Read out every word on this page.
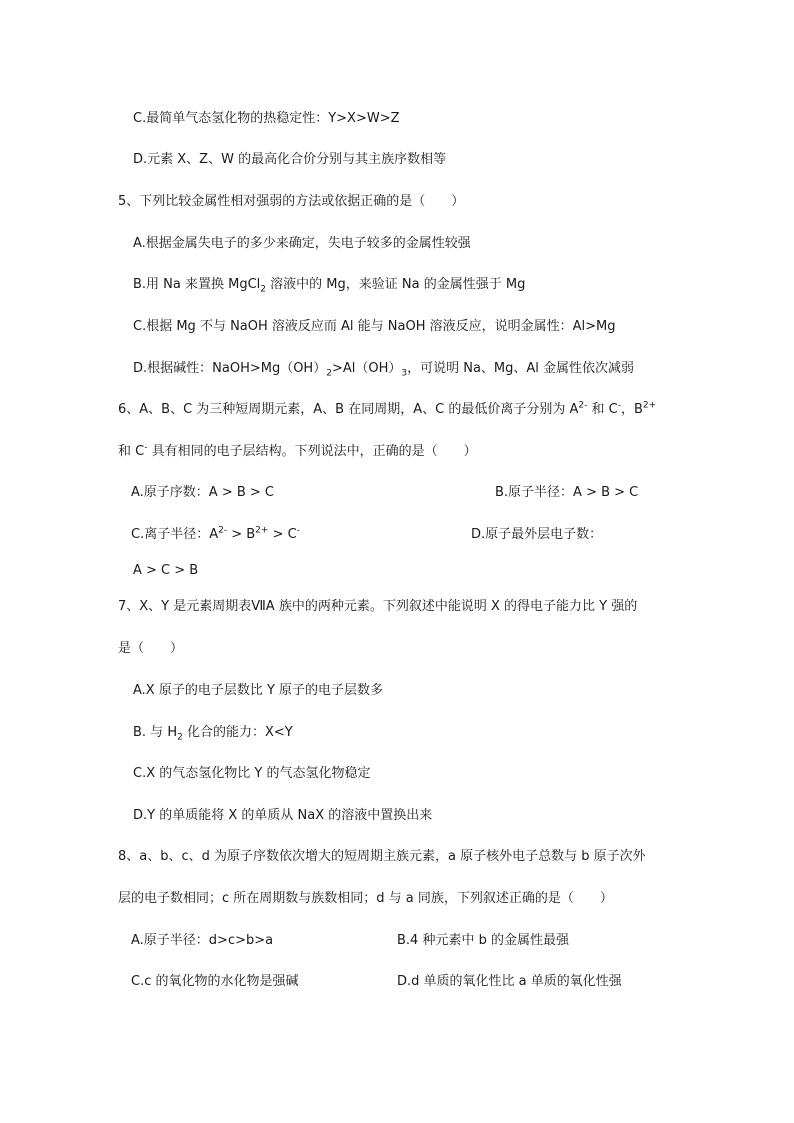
C.最简单气态氢化物的热稳定性：Y>X>W>Z
D.元素 X、Z、W 的最高化合价分别与其主族序数相等
5、下列比较金属性相对强弱的方法或依据正确的是（　　）
A.根据金属失电子的多少来确定，失电子较多的金属性较强
B.用 Na 来置换 MgCl$_2$ 溶液中的 Mg，来验证 Na 的金属性强于 Mg
C.根据 Mg 不与 NaOH 溶液反应而 Al 能与 NaOH 溶液反应，说明金属性：Al>Mg
D.根据碱性：$NaOH>Mg(OH)_2>Al(OH)_3$，可说明 Na、Mg、Al 金属性依次减弱
6、A、B、C 为三种短周期元素，A、B 在同周期，A、C 的最低价离子分别为 $A^{2-}$ 和 C-，$B^{2+}$
和 C- 具有相同的电子层结构。下列说法中，正确的是（　　）
A.原子序数：A > B > C	B.原子半径：A > B > C
C.离子半径：$A^{2-} > B^{2+} > C^-$	D.原子最外层电子数：
A > C > B
7、X、Y 是元素周期表ⅦA 族中的两种元素。下列叙述中能说明 X 的得电子能力比 Y 强的
是（　　）
A.X 原子的电子层数比 Y 原子的电子层数多
B. 与 $H_2$ 化合的能力：X<Y
C.X 的气态氢化物比 Y 的气态氢化物稳定
D.Y 的单质能将 X 的单质从 NaX 的溶液中置换出来
8、a、b、c、d 为原子序数依次增大的短周期主族元素，a 原子核外电子总数与 b 原子次外
层的电子数相同；c 所在周期数与族数相同；d 与 a 同族，下列叙述正确的是（　　）
A.原子半径：d>c>b>a	B.4 种元素中 b 的金属性最强
C.c 的氧化物的水化物是强碱	D.d 单质的氧化性比 a 单质的氧化性强
